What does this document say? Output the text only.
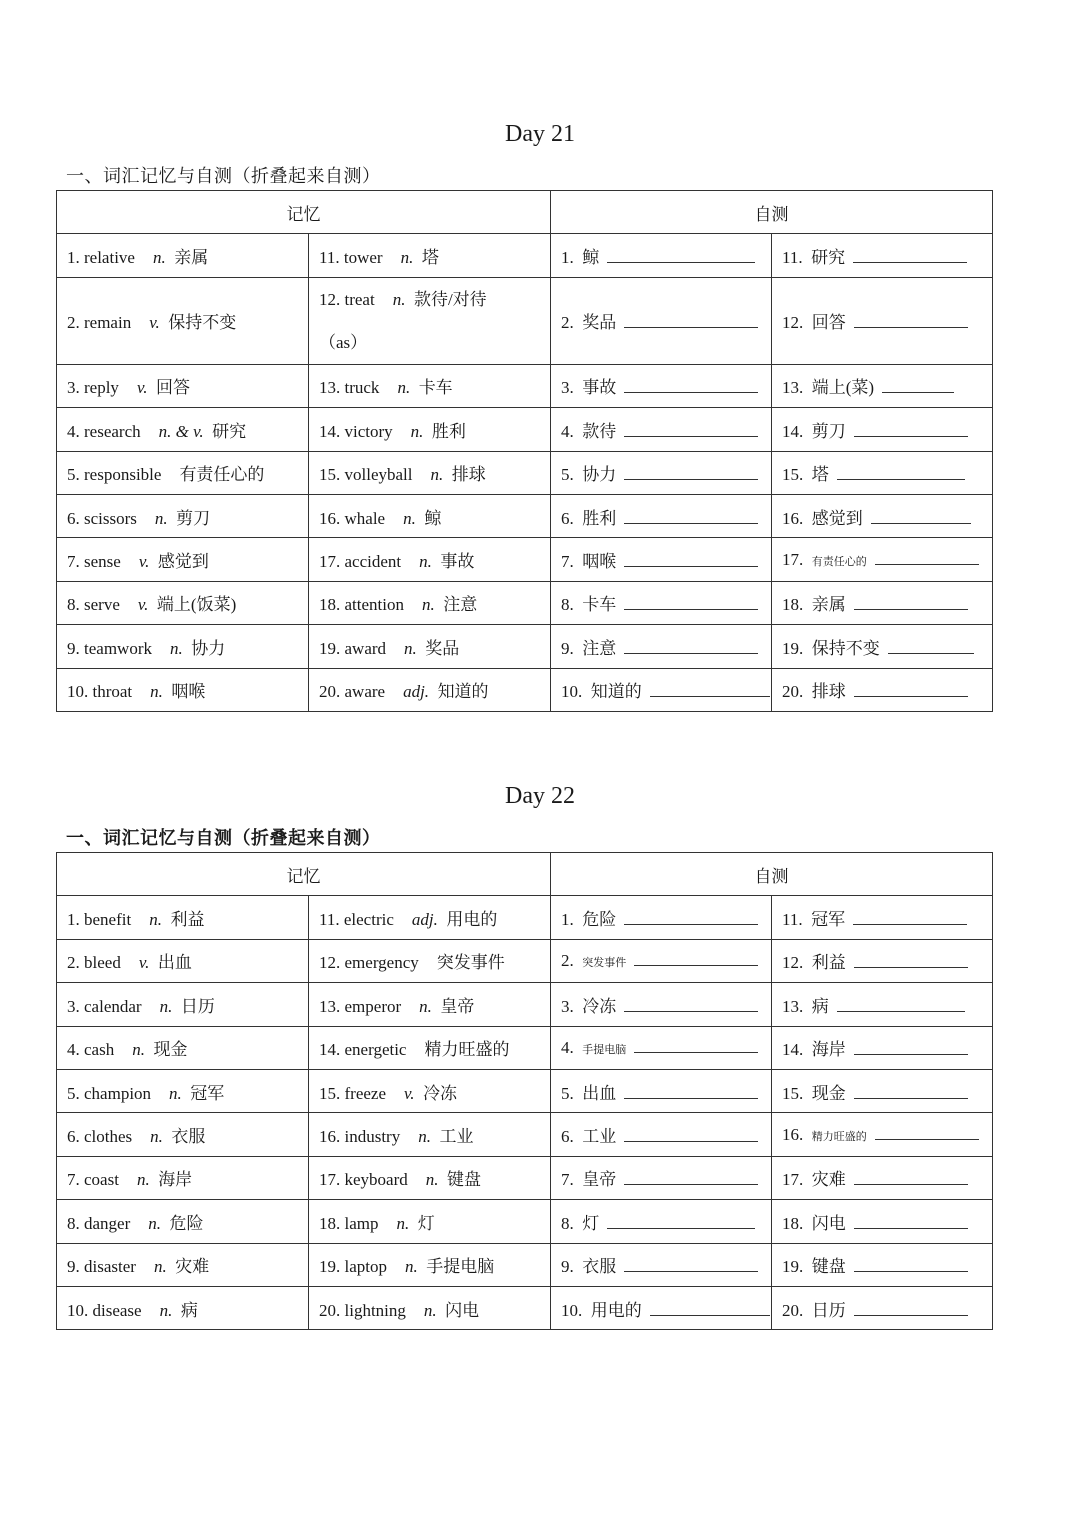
Day 21
一、词汇记忆与自测（折叠起来自测）
记忆		自测	

1. relative n. 亲属	11. tower n. 塔	1. 鲸	11. 研究

2. remain v. 保持不变	12. treat n. 款待/对待
（as）	2. 奖品	12. 回答

3. reply v. 回答	13. truck n. 卡车	3. 事故	13. 端上(菜)

4. research n. & v. 研究	14. victory n. 胜利	4. 款待	14. 剪刀

5. responsible 有责任心的	15. volleyball n. 排球	5. 协力	15. 塔

6. scissors n. 剪刀	16. whale n. 鲸	6. 胜利	16. 感觉到

7. sense v. 感觉到	17. accident n. 事故	7. 咽喉	17. 有责任心的

8. serve v. 端上(饭菜)	18. attention n. 注意	8. 卡车	18. 亲属

9. teamwork n. 协力	19. award n. 奖品	9. 注意	19. 保持不变

10. throat n. 咽喉	20. aware adj. 知道的	10. 知道的	20. 排球
Day 22
一、词汇记忆与自测（折叠起来自测）
记忆		自测	

1. benefit n. 利益	11. electric adj. 用电的	1. 危险	11. 冠军

2. bleed v. 出血	12. emergency 突发事件	2. 突发事件	12. 利益

3. calendar n. 日历	13. emperor n. 皇帝	3. 冷冻	13. 病

4. cash n. 现金	14. energetic 精力旺盛的	4. 手提电脑	14. 海岸

5. champion n. 冠军	15. freeze v. 冷冻	5. 出血	15. 现金

6. clothes n. 衣服	16. industry n. 工业	6. 工业	16. 精力旺盛的

7. coast n. 海岸	17. keyboard n. 键盘	7. 皇帝	17. 灾难

8. danger n. 危险	18. lamp n. 灯	8. 灯	18. 闪电

9. disaster n. 灾难	19. laptop n. 手提电脑	9. 衣服	19. 键盘

10. disease n. 病	20. lightning n. 闪电	10. 用电的	20. 日历
